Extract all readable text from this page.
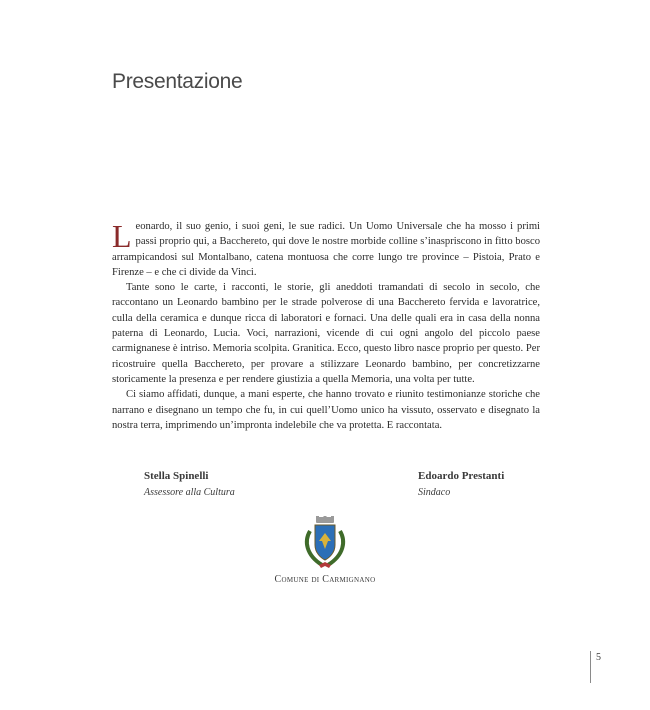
Presentazione

Leonardo, il suo genio, i suoi geni, le sue radici. Un Uomo Universale che ha mosso i primi passi proprio qui, a Bacchereto, qui dove le nostre morbide colline s’inaspriscono in fitto bosco arrampicandosi sul Montalbano, catena montuosa che corre lungo tre province – Pistoia, Prato e Firenze – e che ci divide da Vinci.

Tante sono le carte, i racconti, le storie, gli aneddoti tramandati di secolo in secolo, che raccontano un Leonardo bambino per le strade polverose di una Bacchereto fervida e lavoratrice, culla della ceramica e dunque ricca di laboratori e fornaci. Una delle quali era in casa della nonna paterna di Leonardo, Lucia. Voci, narrazioni, vicende di cui ogni angolo del piccolo paese carmignanese è intriso. Memoria scolpita. Granitica. Ecco, questo libro nasce proprio per questo. Per ricostruire quella Bacchereto, per provare a stilizzare Leonardo bambino, per concretizzarne storicamente la presenza e per rendere giustizia a quella Memoria, una volta per tutte.

Ci siamo affidati, dunque, a mani esperte, che hanno trovato e riunito testimonianze storiche che narrano e disegnano un tempo che fu, in cui quell’Uomo unico ha vissuto, osservato e disegnato la nostra terra, imprimendo un’impronta indelebile che va protetta. E raccontata.

Stella Spinelli
Assessore alla Cultura
Edoardo Prestanti
Sindaco
Comune di Carmignano
5
